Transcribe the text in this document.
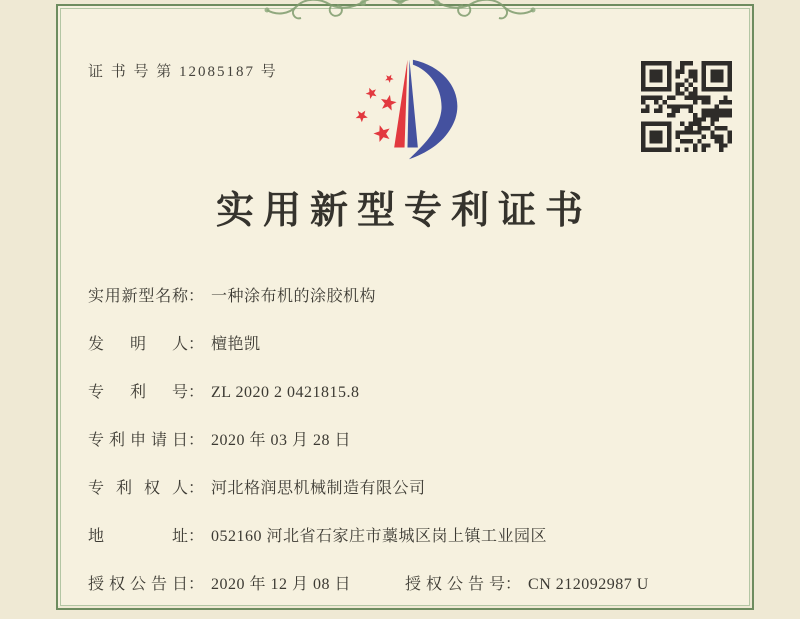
证 书 号 第 12085187 号
实用新型专利证书
实用新型名称： 一种涂布机的涂胶机构
发明人： 檀艳凯
专利号： ZL 2020 2 0421815.8
专利申请日： 2020 年 03 月 28 日
专利权人： 河北格润思机械制造有限公司
地址： 052160 河北省石家庄市藁城区岗上镇工业园区
授权公告日： 2020 年 12 月 08 日	授权公告号： CN 212092987 U
